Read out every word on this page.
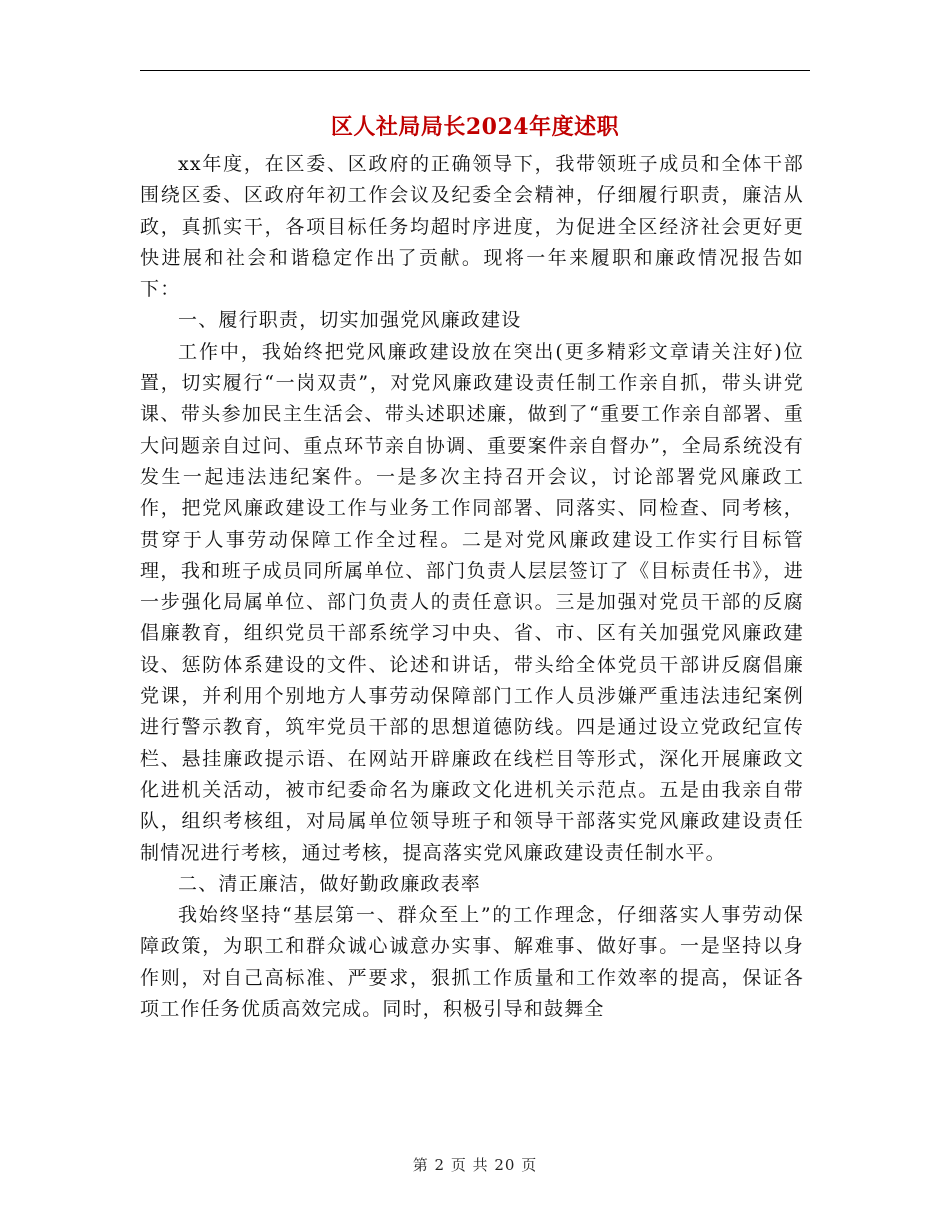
区人社局局长2024年度述职

xx年度，在区委、区政府的正确领导下，我带领班子成员和全体干部围绕区委、区政府年初工作会议及纪委全会精神，仔细履行职责，廉洁从政，真抓实干，各项目标任务均超时序进度，为促进全区经济社会更好更快进展和社会和谐稳定作出了贡献。现将一年来履职和廉政情况报告如下：

一、履行职责，切实加强党风廉政建设

工作中，我始终把党风廉政建设放在突出(更多精彩文章请关注好)位置，切实履行“一岗双责”，对党风廉政建设责任制工作亲自抓，带头讲党课、带头参加民主生活会、带头述职述廉，做到了“重要工作亲自部署、重大问题亲自过问、重点环节亲自协调、重要案件亲自督办”，全局系统没有发生一起违法违纪案件。一是多次主持召开会议，讨论部署党风廉政工作，把党风廉政建设工作与业务工作同部署、同落实、同检查、同考核，贯穿于人事劳动保障工作全过程。二是对党风廉政建设工作实行目标管理，我和班子成员同所属单位、部门负责人层层签订了《目标责任书》，进一步强化局属单位、部门负责人的责任意识。三是加强对党员干部的反腐倡廉教育，组织党员干部系统学习中央、省、市、区有关加强党风廉政建设、惩防体系建设的文件、论述和讲话，带头给全体党员干部讲反腐倡廉党课，并利用个别地方人事劳动保障部门工作人员涉嫌严重违法违纪案例进行警示教育，筑牢党员干部的思想道德防线。四是通过设立党政纪宣传栏、悬挂廉政提示语、在网站开辟廉政在线栏目等形式，深化开展廉政文化进机关活动，被市纪委命名为廉政文化进机关示范点。五是由我亲自带队，组织考核组，对局属单位领导班子和领导干部落实党风廉政建设责任制情况进行考核，通过考核，提高落实党风廉政建设责任制水平。

二、清正廉洁，做好勤政廉政表率

我始终坚持“基层第一、群众至上”的工作理念，仔细落实人事劳动保障政策，为职工和群众诚心诚意办实事、解难事、做好事。一是坚持以身作则，对自己高标准、严要求，狠抓工作质量和工作效率的提高，保证各项工作任务优质高效完成。同时，积极引导和鼓舞全

第 2 页 共 20 页
